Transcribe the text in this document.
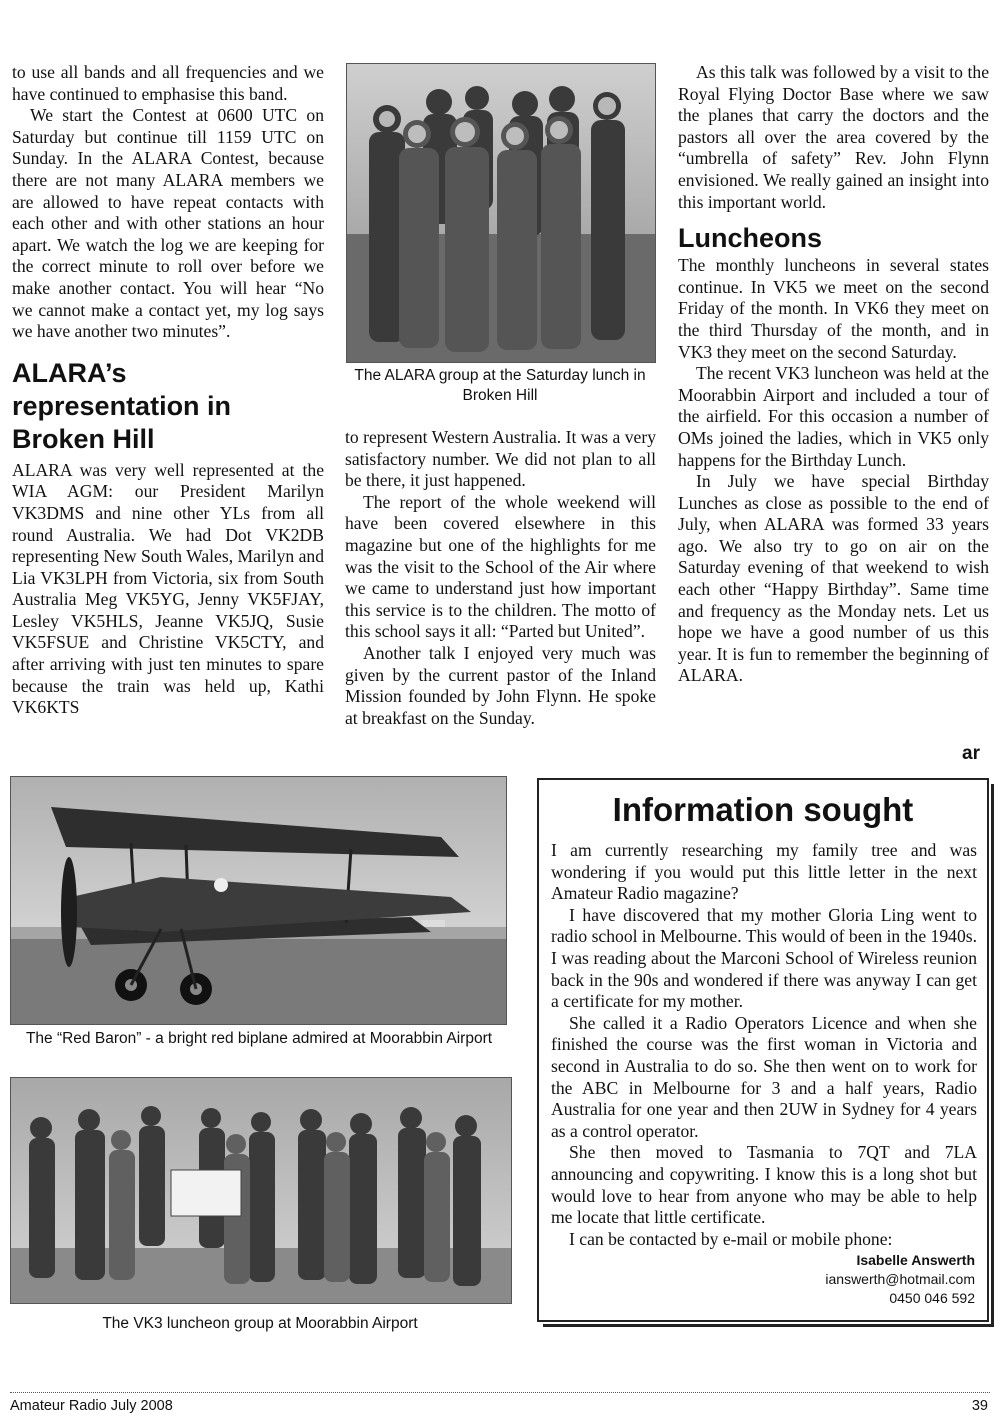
to use all bands and all frequencies and we have continued to emphasise this band.

We start the Contest at 0600 UTC on Saturday but continue till 1159 UTC on Sunday. In the ALARA Contest, because there are not many ALARA members we are allowed to have repeat contacts with each other and with other stations an hour apart. We watch the log we are keeping for the correct minute to roll over before we make another contact. You will hear “No we cannot make a contact yet, my log says we have another two minutes”.

ALARA’s
representation in
Broken Hill

ALARA was very well represented at the WIA AGM: our President Marilyn VK3DMS and nine other YLs from all round Australia. We had Dot VK2DB representing New South Wales, Marilyn and Lia VK3LPH from Victoria, six from South Australia Meg VK5YG, Jenny VK5FJAY, Lesley VK5HLS, Jeanne VK5JQ, Susie VK5FSUE and Christine VK5CTY, and after arriving with just ten minutes to spare because the train was held up, Kathi VK6KTS

The ALARA group at the Saturday lunch in Broken Hill

to represent Western Australia. It was a very satisfactory number. We did not plan to all be there, it just happened.

The report of the whole weekend will have been covered elsewhere in this magazine but one of the highlights for me was the visit to the School of the Air where we came to understand just how important this service is to the children. The motto of this school says it all: “Parted but United”.

Another talk I enjoyed very much was given by the current pastor of the Inland Mission founded by John Flynn. He spoke at breakfast on the Sunday.

As this talk was followed by a visit to the Royal Flying Doctor Base where we saw the planes that carry the doctors and the pastors all over the area covered by the “umbrella of safety” Rev. John Flynn envisioned. We really gained an insight into this important world.

Luncheons

The monthly luncheons in several states continue. In VK5 we meet on the second Friday of the month. In VK6 they meet on the third Thursday of the month, and in VK3 they meet on the second Saturday.

The recent VK3 luncheon was held at the Moorabbin Airport and included a tour of the airfield. For this occasion a number of OMs joined the ladies, which in VK5 only happens for the Birthday Lunch.

In July we have special Birthday Lunches as close as possible to the end of July, when ALARA was formed 33 years ago. We also try to go on air on the Saturday evening of that weekend to wish each other “Happy Birthday”. Same time and frequency as the Monday nets. Let us hope we have a good number of us this year. It is fun to remember the beginning of ALARA.

ar
The “Red Baron” - a bright red biplane admired at Moorabbin Airport
The VK3 luncheon group at Moorabbin Airport
Information sought

I am currently researching my family tree and was wondering if you would put this little letter in the next Amateur Radio magazine?

I have discovered that my mother Gloria Ling went to radio school in Melbourne. This would of been in the 1940s. I was reading about the Marconi School of Wireless reunion back in the 90s and wondered if there was anyway I can get a certificate for my mother.

She called it a Radio Operators Licence and when she finished the course was the first woman in Victoria and second in Australia to do so. She then went on to work for the ABC in Melbourne for 3 and a half years, Radio Australia for one year and then 2UW in Sydney for 4 years as a control operator.

She then moved to Tasmania to 7QT and 7LA announcing and copywriting. I know this is a long shot but would love to hear from anyone who may be able to help me locate that little certificate.

I can be contacted by e-mail or mobile phone:

Isabelle Answerth
ianswerth@hotmail.com
0450 046 592
Amateur Radio July 2008	39
